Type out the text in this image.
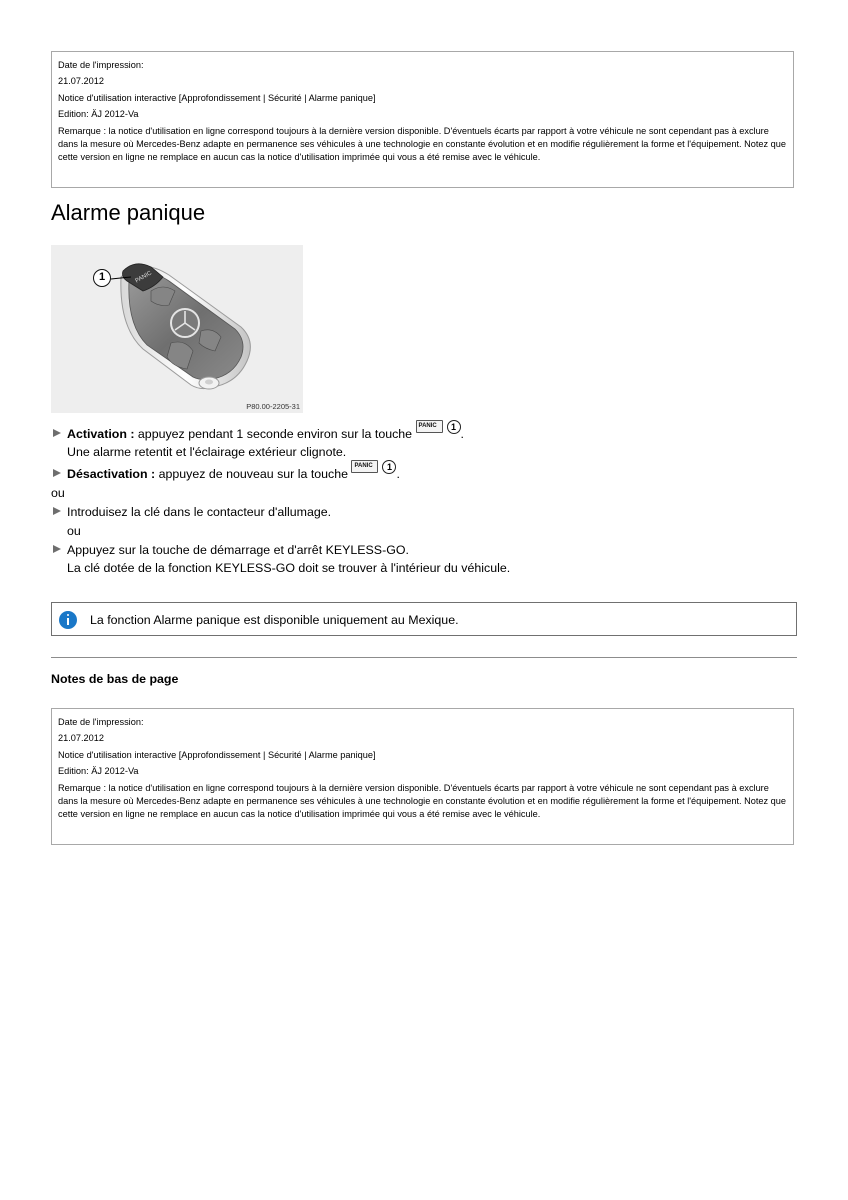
Date de l'impression:

21.07.2012

Notice d'utilisation interactive [Approfondissement | Sécurité | Alarme panique]

Edition: ÄJ 2012-Va

Remarque : la notice d'utilisation en ligne correspond toujours à la dernière version disponible. D'éventuels écarts par rapport à votre véhicule ne sont cependant pas à exclure dans la mesure où Mercedes-Benz adapte en permanence ses véhicules à une technologie en constante évolution et en modifie régulièrement la forme et l'équipement. Notez que cette version en ligne ne remplace en aucun cas la notice d'utilisation imprimée qui vous a été remise avec le véhicule.

Alarme panique
PANIC
1
P80.00-2205-31
Activation : appuyez pendant 1 seconde environ sur la touche
PANIC 1 .
Une alarme retentit et l'éclairage extérieur clignote.
Désactivation : appuyez de nouveau sur la touche
PANIC 1 .
ou
Introduisez la clé dans le contacteur d'allumage.
ou
Appuyez sur la touche de démarrage et d'arrêt KEYLESS-GO.
La clé dotée de la fonction KEYLESS-GO doit se trouver à l'intérieur du véhicule.
La fonction Alarme panique est disponible uniquement au Mexique.
Notes de bas de page

Date de l'impression:

21.07.2012

Notice d'utilisation interactive [Approfondissement | Sécurité | Alarme panique]

Edition: ÄJ 2012-Va

Remarque : la notice d'utilisation en ligne correspond toujours à la dernière version disponible. D'éventuels écarts par rapport à votre véhicule ne sont cependant pas à exclure dans la mesure où Mercedes-Benz adapte en permanence ses véhicules à une technologie en constante évolution et en modifie régulièrement la forme et l'équipement. Notez que cette version en ligne ne remplace en aucun cas la notice d'utilisation imprimée qui vous a été remise avec le véhicule.
